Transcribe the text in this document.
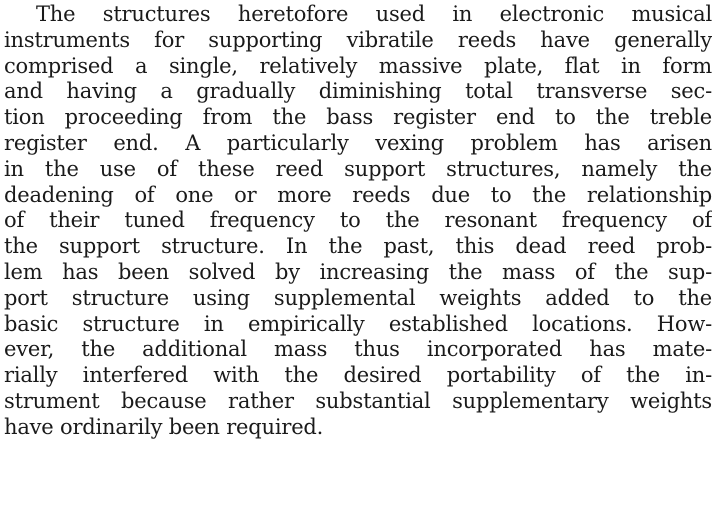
The structures heretofore used in electronic musical
instruments for supporting vibratile reeds have generally
comprised a single, relatively massive plate, flat in form
and having a gradually diminishing total transverse sec-
tion proceeding from the bass register end to the treble
register end. A particularly vexing problem has arisen
in the use of these reed support structures, namely the
deadening of one or more reeds due to the relationship
of their tuned frequency to the resonant frequency of
the support structure. In the past, this dead reed prob-
lem has been solved by increasing the mass of the sup-
port structure using supplemental weights added to the
basic structure in empirically established locations. How-
ever, the additional mass thus incorporated has mate-
rially interfered with the desired portability of the in-
strument because rather substantial supplementary weights
have ordinarily been required.
